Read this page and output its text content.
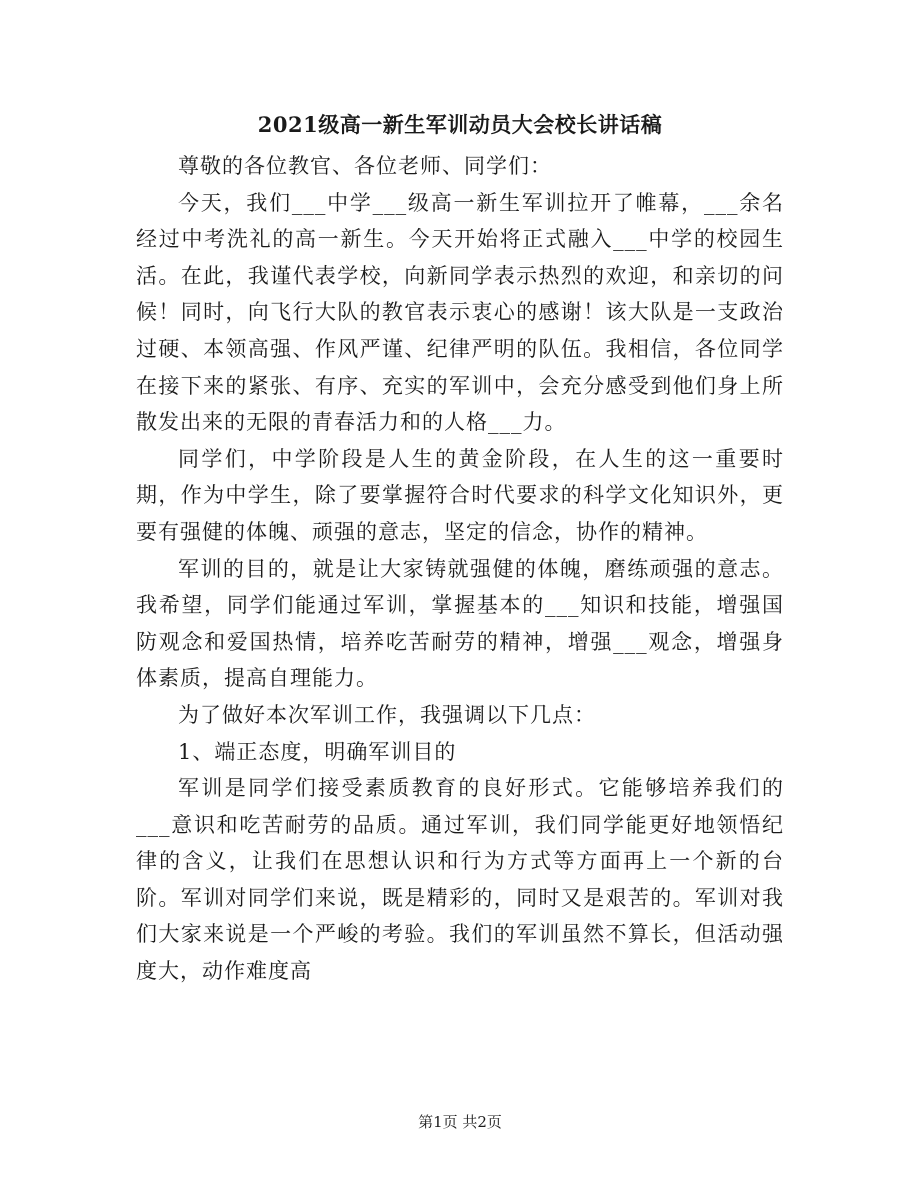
2021级高一新生军训动员大会校长讲话稿

尊敬的各位教官、各位老师、同学们：

今天，我们___中学___级高一新生军训拉开了帷幕，___余名经过中考洗礼的高一新生。今天开始将正式融入___中学的校园生活。在此，我谨代表学校，向新同学表示热烈的欢迎，和亲切的问候！同时，向飞行大队的教官表示衷心的感谢！该大队是一支政治过硬、本领高强、作风严谨、纪律严明的队伍。我相信，各位同学在接下来的紧张、有序、充实的军训中，会充分感受到他们身上所散发出来的无限的青春活力和的人格___力。

同学们，中学阶段是人生的黄金阶段，在人生的这一重要时期，作为中学生，除了要掌握符合时代要求的科学文化知识外，更要有强健的体魄、顽强的意志，坚定的信念，协作的精神。

军训的目的，就是让大家铸就强健的体魄，磨练顽强的意志。我希望，同学们能通过军训，掌握基本的___知识和技能，增强国防观念和爱国热情，培养吃苦耐劳的精神，增强___观念，增强身体素质，提高自理能力。

为了做好本次军训工作，我强调以下几点：

1、端正态度，明确军训目的

军训是同学们接受素质教育的良好形式。它能够培养我们的___意识和吃苦耐劳的品质。通过军训，我们同学能更好地领悟纪律的含义，让我们在思想认识和行为方式等方面再上一个新的台阶。军训对同学们来说，既是精彩的，同时又是艰苦的。军训对我们大家来说是一个严峻的考验。我们的军训虽然不算长，但活动强度大，动作难度高

第1页 共2页
